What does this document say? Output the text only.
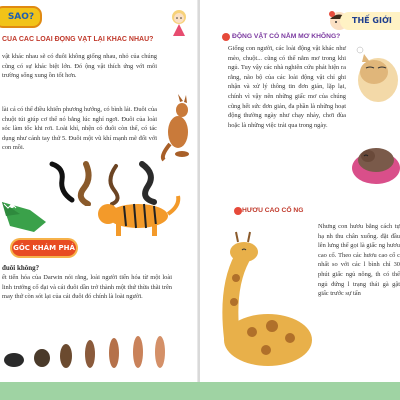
SAO?
CỦA CÁC LOÀI ĐỘNG VẬT LẠI KHÁC NHAU?
vật khác nhau sẽ có đuôi không giống nhau, nhỏ của chúng cũng có sự khác biệt lớn. Đó ộng vật thích ứng với môi trường sống xung ồn tốt hơn.
lài cá có thể điều khiển phương hướng, có bình lái. Đuôi của chuột túi giúp cơ thể nó bằng lúc nghỉ ngơi. Đuôi của loài sóc làm tốc khi rơi. Loài khỉ, nhện có đuôi còn thể, có tác dụng như cánh tay thứ 5. Đuôi một vũ khí mạnh mẽ đối với con mồi.
GÓC KHÁM PHÁ
đuôi không?
ết tiến hóa của Darwin nói rằng, loài người tiến hóa từ một loài linh trưởng cổ đại và cái đuôi dần trở thành một thứ thừa thãi trên may thứ còn sót lại của cái đuôi đó chính là loài người.
THẾ GIỚI
ĐỘNG VẬT CÓ NẰM MƠ KHÔNG?
Giống con người, các loài động vật khác như mèo, chuột... cũng có thể nằm mơ trong khi ngủ. Tuy vậy các nhà nghiên cứu phát hiện ra rằng, não bộ của các loài động vật chỉ ghi nhận và xử lý thông tin đơn giản, lặp lại, chính vì vậy nên những giấc mơ của chúng cũng hết sức đơn giản, đa phần là những hoạt động thường ngày như chạy nhảy, chơi đùa hoặc là những việc trải qua trong ngày.
HƯƠU CAO CỔ NG
Nhưng con hươu bằng cách tự hạ nh thu chân xuống. đặt đầu lên lưng thể gọi là giấc ng hươu cao cổ. Theo các hươu cao cổ c nhất so với các l bình chỉ 30 phút giấc ngủ nông, th có thể ngủ đứng l trạng thái gà gật giấc trước sự tấn
